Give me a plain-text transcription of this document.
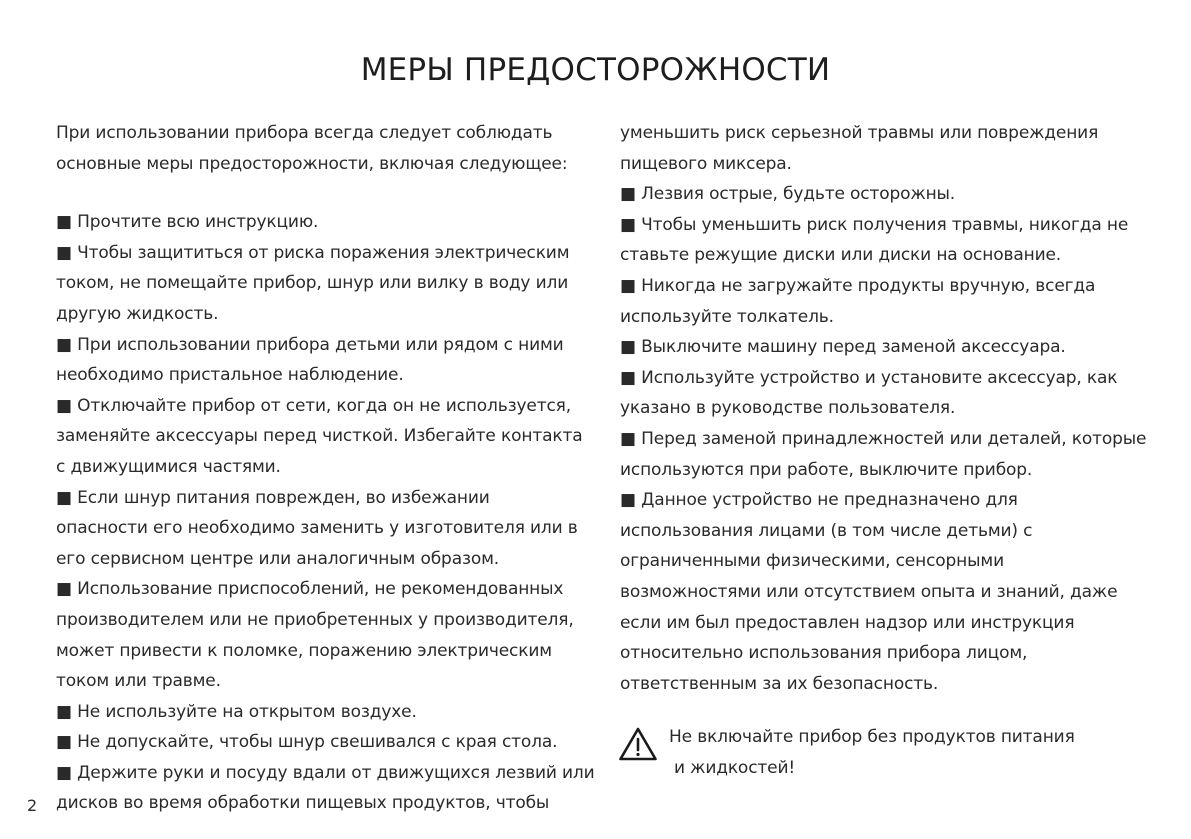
МЕРЫ ПРЕДОСТОРОЖНОСТИ
При использовании прибора всегда следует соблюдать
основные меры предосторожности, включая следующее:
■ Прочтите всю инструкцию.
■ Чтобы защититься от риска поражения электрическим
током, не помещайте прибор, шнур или вилку в воду или
другую жидкость.
■ При использовании прибора детьми или рядом с ними
необходимо пристальное наблюдение.
■ Отключайте прибор от сети, когда он не используется,
заменяйте аксессуары перед чисткой. Избегайте контакта
с движущимися частями.
■ Если шнур питания поврежден, во избежании
опасности его необходимо заменить у изготовителя или в
его сервисном центре или аналогичным образом.
■ Использование приспособлений, не рекомендованных
производителем или не приобретенных у производителя,
может привести к поломке, поражению электрическим
током или травме.
■ Не используйте на открытом воздухе.
■ Не допускайте, чтобы шнур свешивался с края стола.
■ Держите руки и посуду вдали от движущихся лезвий или
дисков во время обработки пищевых продуктов, чтобы
уменьшить риск серьезной травмы или повреждения
пищевого миксера.
■ Лезвия острые, будьте осторожны.
■ Чтобы уменьшить риск получения травмы, никогда не
ставьте режущие диски или диски на основание.
■ Никогда не загружайте продукты вручную, всегда
используйте толкатель.
■ Выключите машину перед заменой аксессуара.
■ Используйте устройство и установите аксессуар, как
указано в руководстве пользователя.
■ Перед заменой принадлежностей или деталей, которые
используются при работе, выключите прибор.
■ Данное устройство не предназначено для
использования лицами (в том числе детьми) с
ограниченными физическими, сенсорными
возможностями или отсутствием опыта и знаний, даже
если им был предоставлен надзор или инструкция
относительно использования прибора лицом,
ответственным за их безопасность.
Не включайте прибор без продуктов питания
и жидкостей!
2
